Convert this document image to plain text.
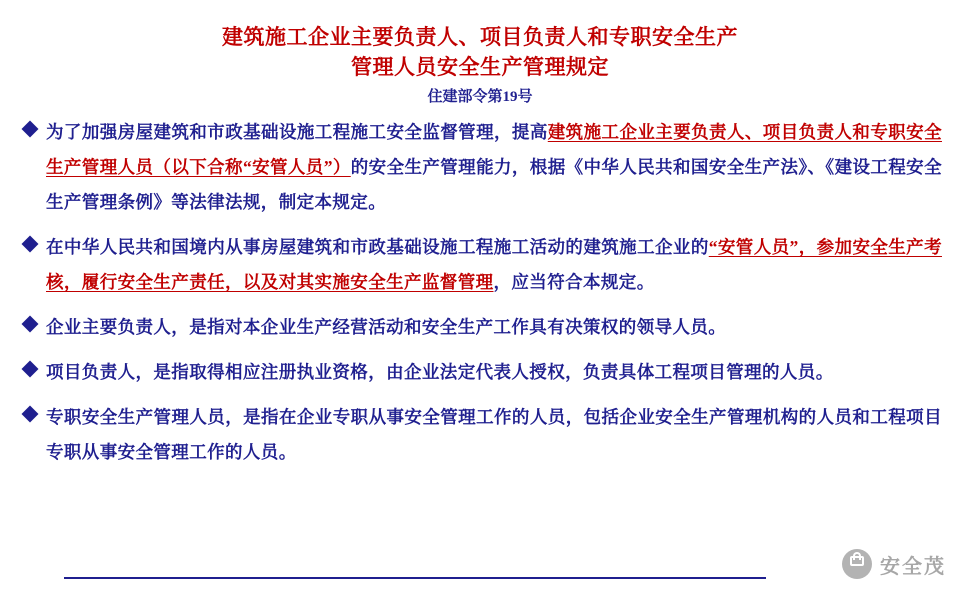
建筑施工企业主要负责人、项目负责人和专职安全生产
管理人员安全生产管理规定
住建部令第19号
为了加强房屋建筑和市政基础设施工程施工安全监督管理，提高建筑施工企业主要负责人、项目负责人和专职安全生产管理人员（以下合称“安管人员”）的安全生产管理能力，根据《中华人民共和国安全生产法》、《建设工程安全生产管理条例》等法律法规，制定本规定。
在中华人民共和国境内从事房屋建筑和市政基础设施工程施工活动的建筑施工企业的“安管人员”，参加安全生产考核，履行安全生产责任，以及对其实施安全生产监督管理，应当符合本规定。
企业主要负责人，是指对本企业生产经营活动和安全生产工作具有决策权的领导人员。
项目负责人，是指取得相应注册执业资格，由企业法定代表人授权，负责具体工程项目管理的人员。
专职安全生产管理人员，是指在企业专职从事安全管理工作的人员，包括企业安全生产管理机构的人员和工程项目专职从事安全管理工作的人员。
安全茂
